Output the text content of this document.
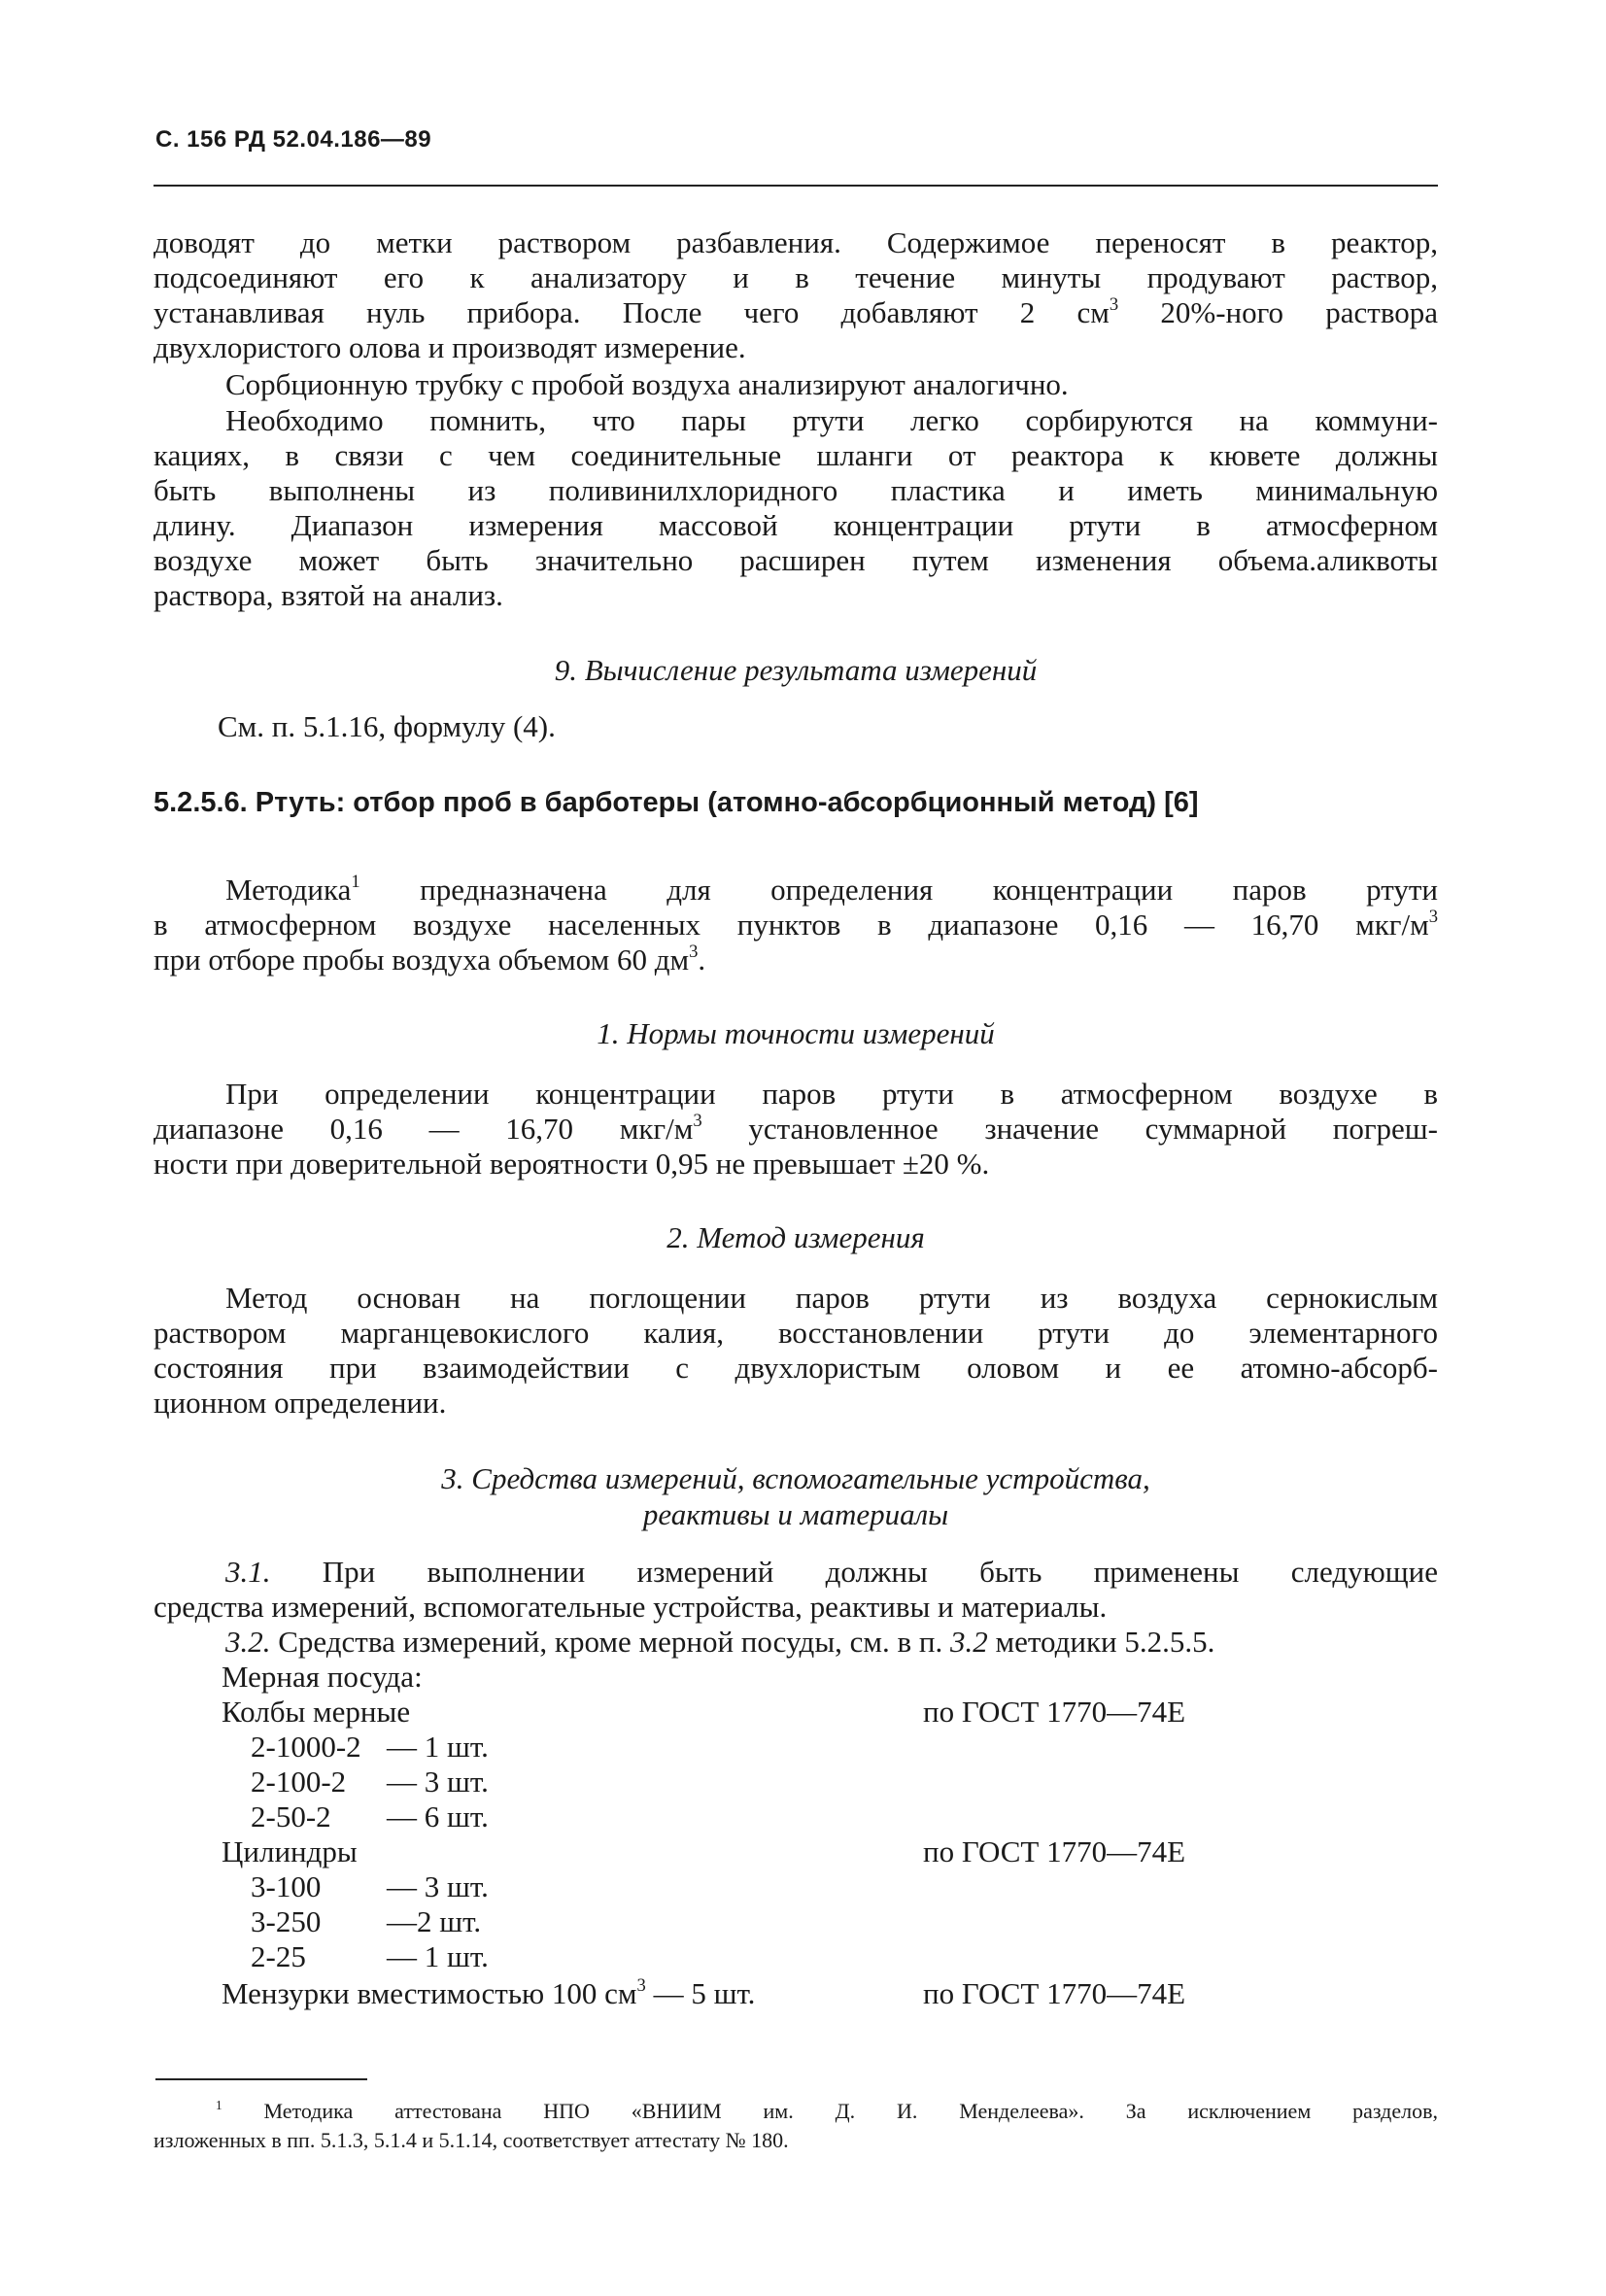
С. 156 РД 52.04.186—89

доводят до метки раствором разбавления. Содержимое переносят в реактор,

подсоединяют его к анализатору и в течение минуты продувают раствор,

устанавливая нуль прибора. После чего добавляют 2 $см^3$ 20%-ного раствора

двухлористого олова и производят измерение.

Сорбционную трубку с пробой воздуха анализируют аналогично.

Необходимо помнить, что пары ртути легко сорбируются на коммуни-

кациях, в связи с чем соединительные шланги от реактора к кювете должны

быть выполнены из поливинилхлоридного пластика и иметь минимальную

длину. Диапазон измерения массовой концентрации ртути в атмосферном

воздухе может быть значительно расширен путем изменения объема.аликвоты

раствора, взятой на анализ.

9. Вычисление результата измерений
См. п. 5.1.16, формулу (4).
5.2.5.6. Ртуть: отбор проб в барботеры (атомно-абсорбционный метод) [6]

Методика$^1$ предназначена для определения концентрации паров ртути

в атмосферном воздухе населенных пунктов в диапазоне 0,16 — 16,70 мкг/$м^3$

при отборе пробы воздуха объемом 60 $дм^3$.

1. Нормы точности измерений

При определении концентрации паров ртути в атмосферном воздухе в

диапазоне 0,16 — 16,70 мкг/$м^3$ установленное значение суммарной погреш-

ности при доверительной вероятности 0,95 не превышает ±20 %.

2. Метод измерения

Метод основан на поглощении паров ртути из воздуха сернокислым

раствором марганцевокислого калия, восстановлении ртути до элементарного

состояния при взаимодействии с двухлористым оловом и ее атомно-абсорб-

ционном определении.

3. Средства измерений, вспомогательные устройства,
реактивы и материалы

3.1. При выполнении измерений должны быть применены следующие

средства измерений, вспомогательные устройства, реактивы и материалы.

3.2. Средства измерений, кроме мерной посуды, см. в п. 3.2 методики 5.2.5.5.

Мерная посуда:
Колбы мерные	по ГОСТ 1770—74Е
2-1000-2 — 1 шт.
2-100-2 — 3 шт.
2-50-2 — 6 шт.
Цилиндры	по ГОСТ 1770—74Е
3-100 — 3 шт.
3-250 —2 шт.
2-25	— 1 шт.
Мензурки вместимостью 100 $см^3$ — 5 шт.	по ГОСТ 1770—74Е

$^1$ Методика аттестована НПО «ВНИИМ им. Д. И. Менделеева». За исключением разделов,

изложенных в пп. 5.1.3, 5.1.4 и 5.1.14, соответствует аттестату № 180.
